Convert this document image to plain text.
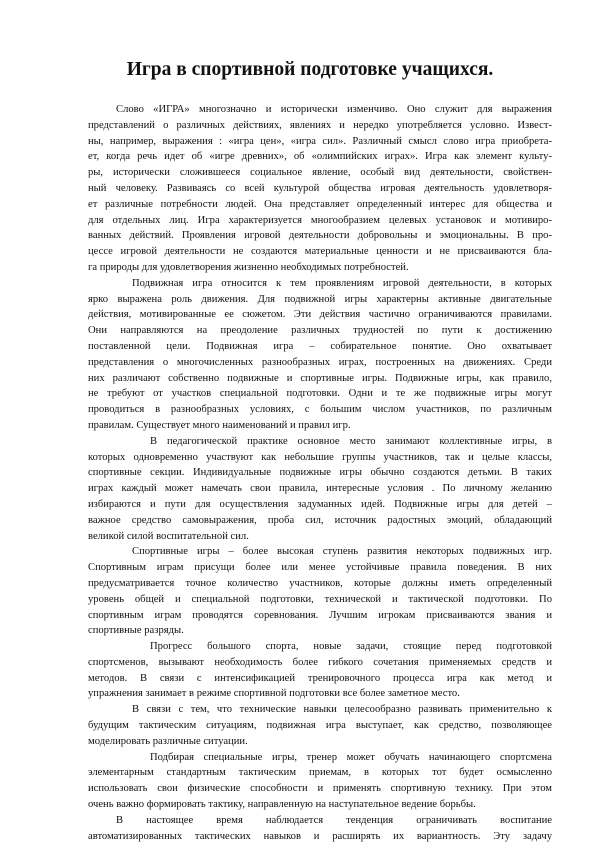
Игра в спортивной подготовке учащихся.
Слово «ИГРА» многозначно и исторически изменчиво. Оно служит для выражения
представлений о различных действиях, явлениях и нередко употребляется условно. Извест-
ны, например, выражения : «игра цен», «игра сил». Различный смысл слово игра приобрета-
ет, когда речь идет об «игре древних», об «олимпийских играх». Игра как элемент культу-
ры, исторически сложившееся социальное явление, особый вид деятельности, свойствен-
ный человеку. Развиваясь со всей культурой общества игровая деятельность удовлетворя-
ет различные потребности людей. Она представляет определенный интерес для общества и
для отдельных лиц. Игра характеризуется многообразием целевых установок и мотивиро-
ванных действий. Проявления игровой деятельности добровольны и эмоциональны. В про-
цессе игровой деятельности не создаются материальные ценности и не присваиваются бла-
га природы для удовлетворения жизненно необходимых потребностей.
Подвижная игра относится к тем проявлениям игровой деятельности, в которых
ярко выражена роль движения. Для подвижной игры характерны активные двигательные
действия, мотивированные ее сюжетом. Эти действия частично ограничиваются правилами.
Они направляются на преодоление различных трудностей по пути к достижению
поставленной цели. Подвижная игра – собирательное понятие. Оно охватывает
представления о многочисленных разнообразных играх, построенных на движениях. Среди
них различают собственно подвижные и спортивные игры. Подвижные игры, как правило,
не требуют от участков специальной подготовки. Одни и те же подвижные игры могут
проводиться в разнообразных условиях, с большим числом участников, по различным
правилам. Существует много наименований и правил игр.
В педагогической практике основное место занимают коллективные игры, в
которых одновременно участвуют как небольшие группы участников, так и целые классы,
спортивные секции. Индивидуальные подвижные игры обычно создаются детьми. В таких
играх каждый может намечать свои правила, интересные условия . По личному желанию
избираются и пути для осуществления задуманных идей. Подвижные игры для детей –
важное средство самовыражения, проба сил, источник радостных эмоций, обладающий
великой силой воспитательной сил.
Спортивные игры – более высокая ступень развития некоторых подвижных игр.
Спортивным играм присущи более или менее устойчивые правила поведения. В них
предусматривается точное количество участников, которые должны иметь определенный
уровень общей и специальной подготовки, технической и тактической подготовки. По
спортивным играм проводятся соревнования. Лучшим игрокам присваиваются звания и
спортивные разряды.
Прогресс большого спорта, новые задачи, стоящие перед подготовкой
спортсменов, вызывают необходимость более гибкого сочетания применяемых средств и
методов. В связи с интенсификацией тренировочного процесса игра как метод и
упражнения занимает в режиме спортивной подготовки все более заметное место.
В связи с тем, что технические навыки целесообразно развивать применительно к
будущим тактическим ситуациям, подвижная игра выступает, как средство, позволяющее
моделировать различные ситуации.
Подбирая специальные игры, тренер может обучать начинающего спортсмена
элементарным стандартным тактическим приемам, в которых тот будет осмысленно
использовать свои физические способности и применять спортивную технику. При этом
очень важно формировать тактику, направленную на наступательное ведение борьбы.
В настоящее время наблюдается тенденция ограничивать воспитание
автоматизированных тактических навыков и расширять их вариантность. Эту задачу
